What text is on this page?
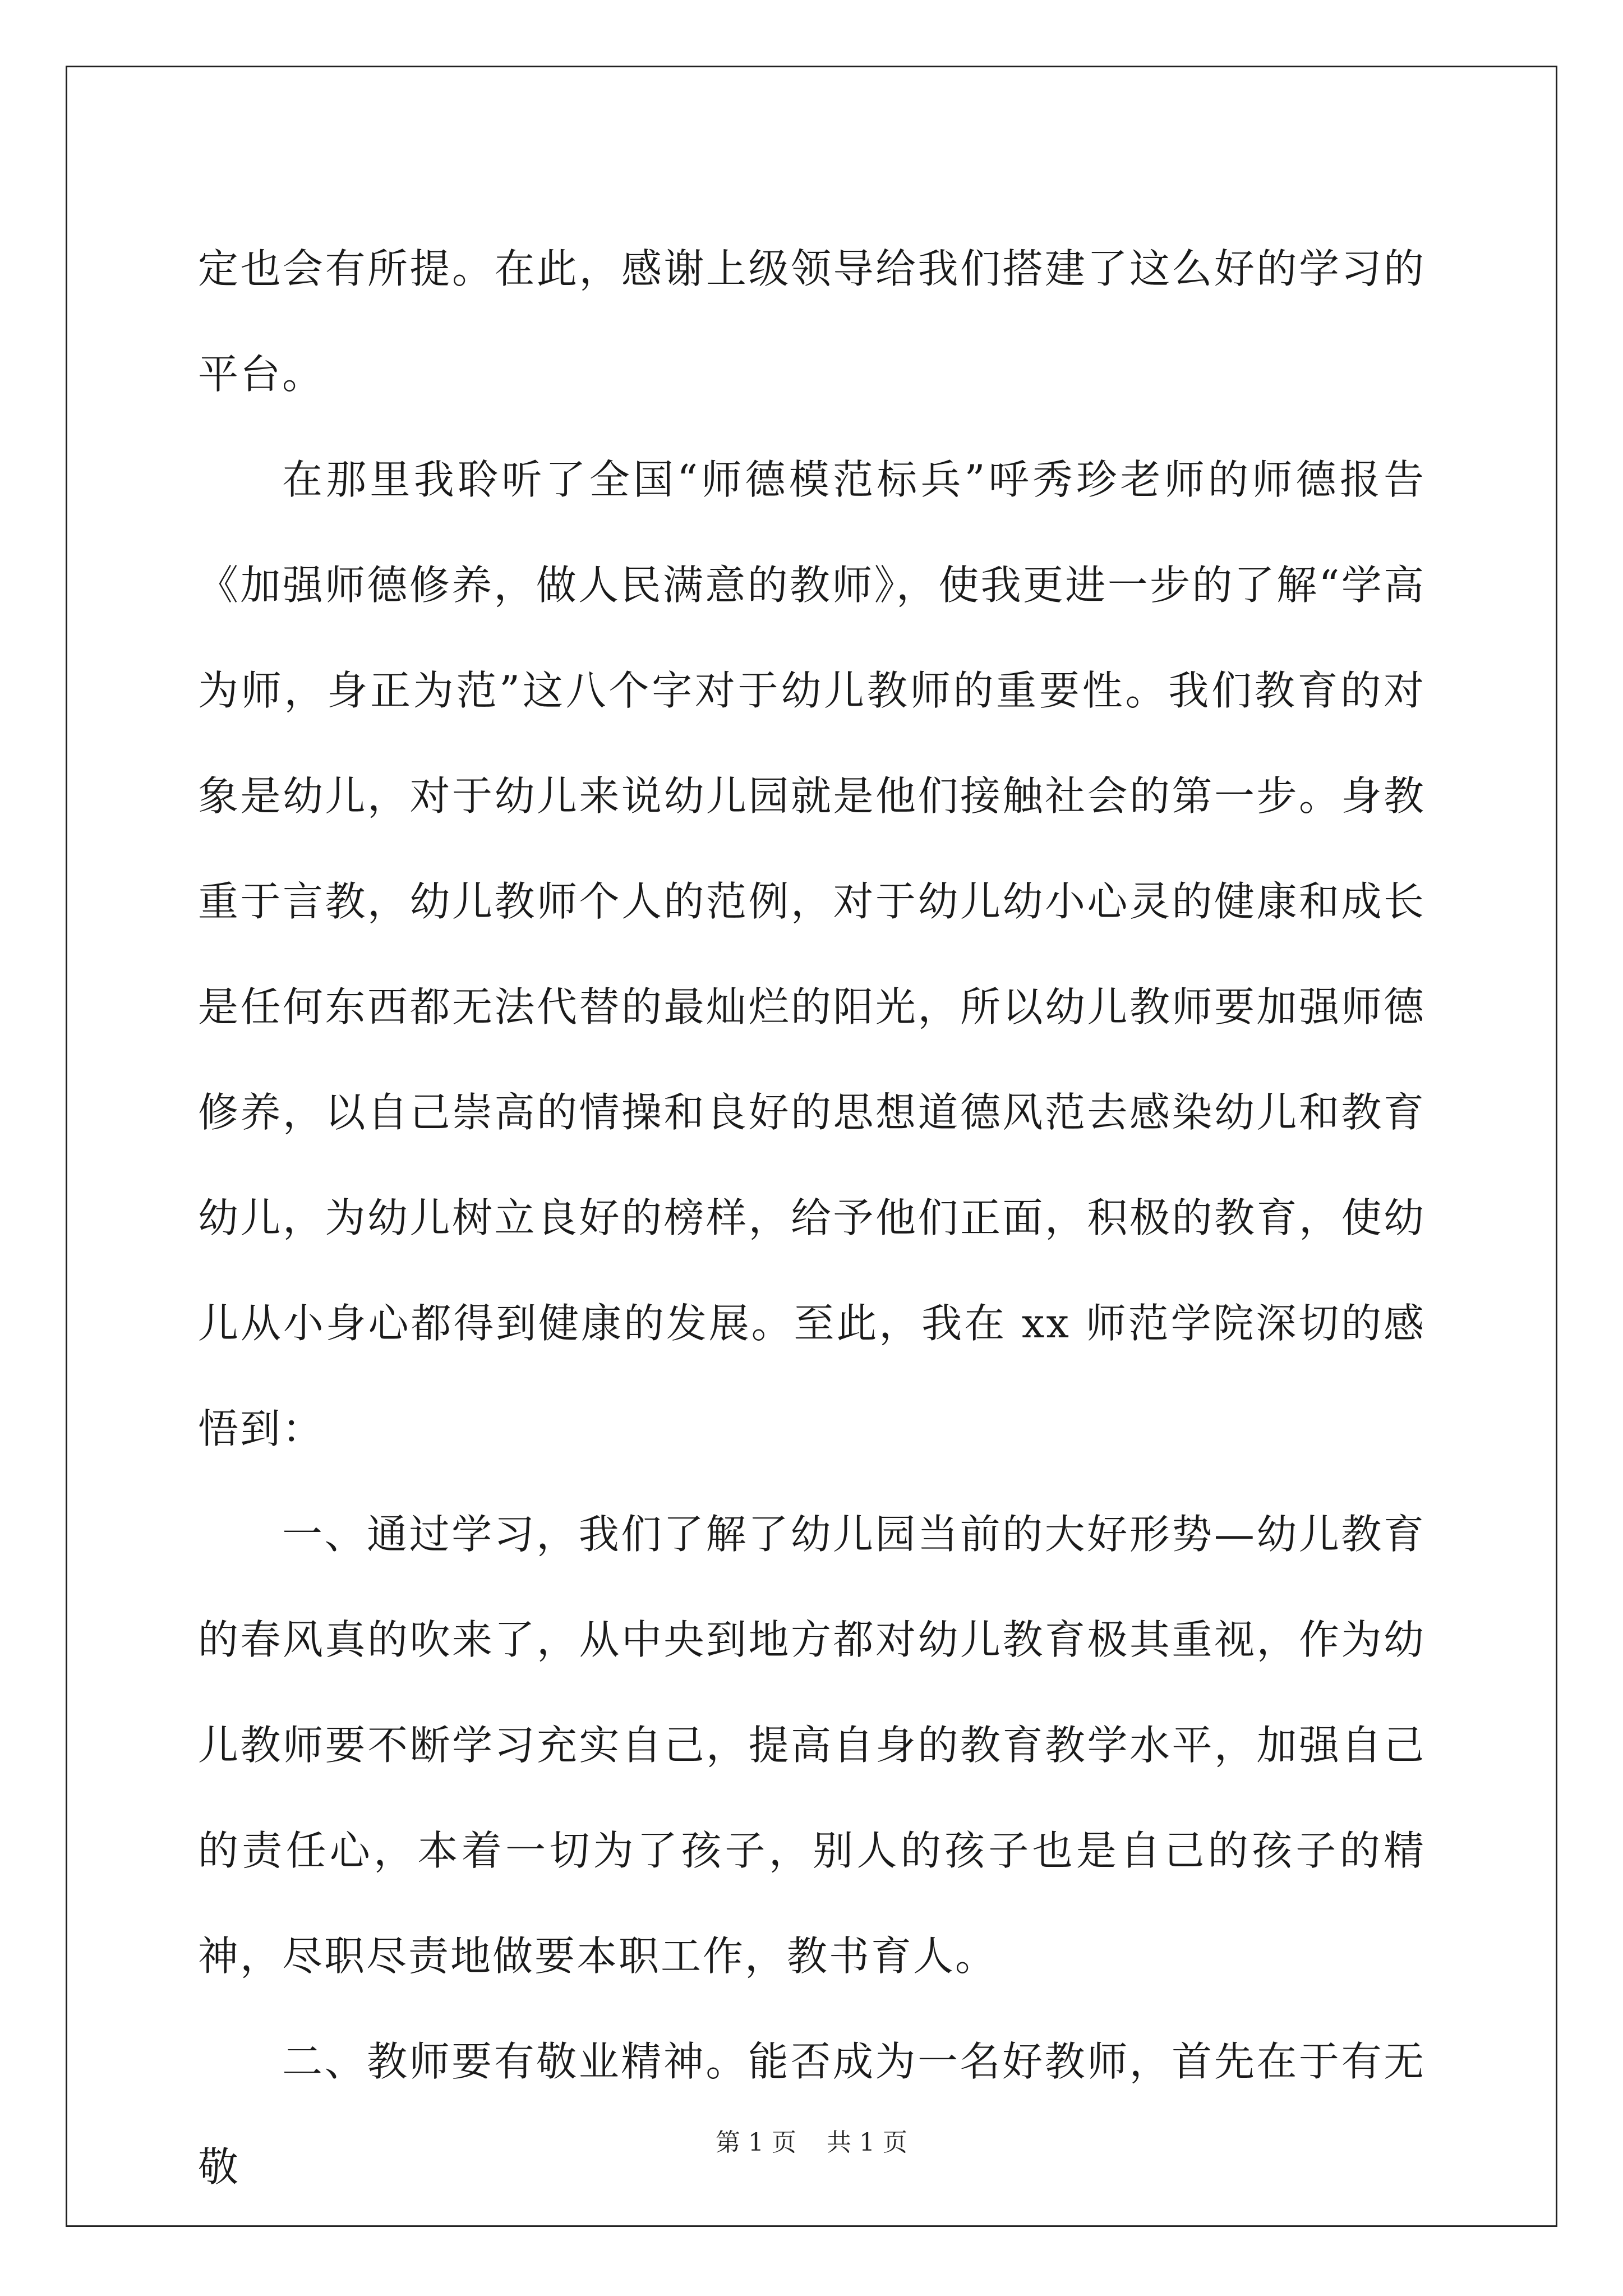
定也会有所提。在此，感谢上级领导给我们搭建了这么好的学习的平台。

在那里我聆听了全国“师德模范标兵”呼秀珍老师的师德报告《加强师德修养，做人民满意的教师》，使我更进一步的了解“学高为师，身正为范”这八个字对于幼儿教师的重要性。我们教育的对象是幼儿，对于幼儿来说幼儿园就是他们接触社会的第一步。身教重于言教，幼儿教师个人的范例，对于幼儿幼小心灵的健康和成长是任何东西都无法代替的最灿烂的阳光，所以幼儿教师要加强师德修养，以自己崇高的情操和良好的思想道德风范去感染幼儿和教育幼儿，为幼儿树立良好的榜样，给予他们正面，积极的教育，使幼儿从小身心都得到健康的发展。至此，我在 xx 师范学院深切的感悟到：

一、通过学习，我们了解了幼儿园当前的大好形势—幼儿教育的春风真的吹来了，从中央到地方都对幼儿教育极其重视，作为幼儿教师要不断学习充实自己，提高自身的教育教学水平，加强自己的责任心，本着一切为了孩子，别人的孩子也是自己的孩子的精神，尽职尽责地做要本职工作，教书育人。

二、教师要有敬业精神。能否成为一名好教师，首先在于有无敬

第 1 页 共 1 页
